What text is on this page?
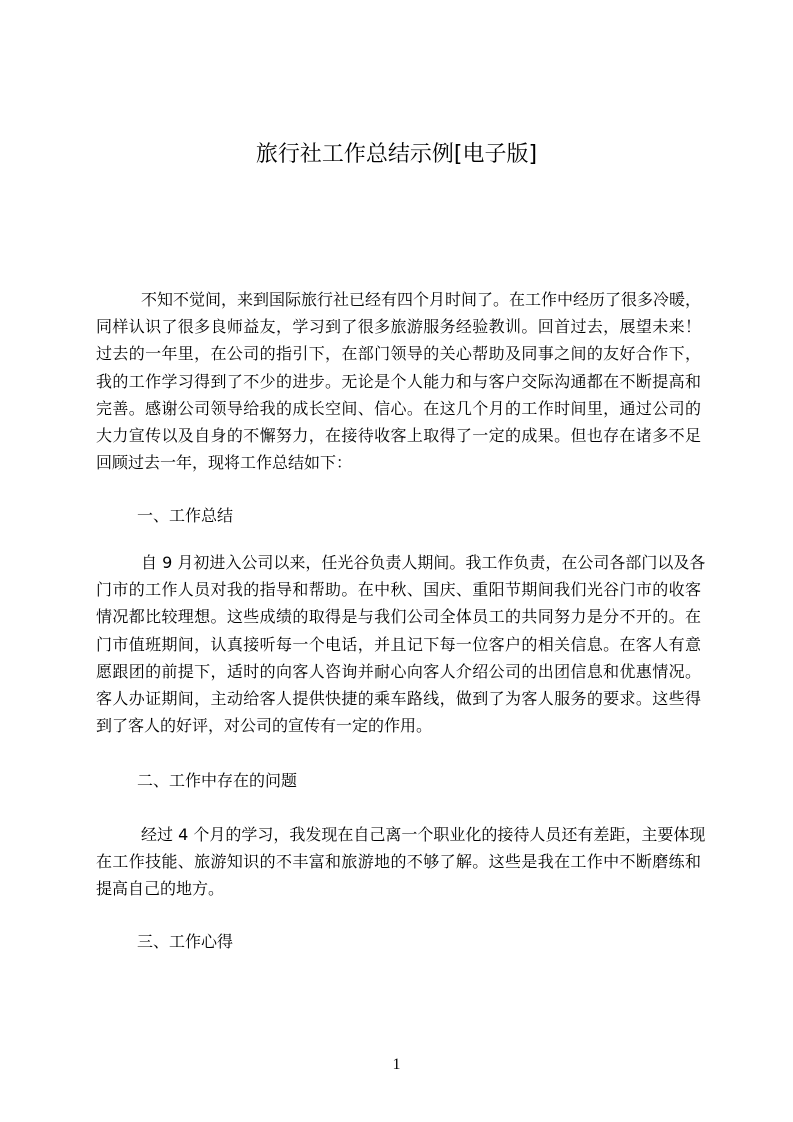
旅行社工作总结示例[电子版]
不知不觉间，来到国际旅行社已经有四个月时间了。在工作中经历了很多冷暖，
同样认识了很多良师益友，学习到了很多旅游服务经验教训。回首过去，展望未来！
过去的一年里，在公司的指引下，在部门领导的关心帮助及同事之间的友好合作下，
我的工作学习得到了不少的进步。无论是个人能力和与客户交际沟通都在不断提高和
完善。感谢公司领导给我的成长空间、信心。在这几个月的工作时间里，通过公司的
大力宣传以及自身的不懈努力，在接待收客上取得了一定的成果。但也存在诸多不足
回顾过去一年，现将工作总结如下：
一、工作总结
自 9 月初进入公司以来，任光谷负责人期间。我工作负责，在公司各部门以及各
门市的工作人员对我的指导和帮助。在中秋、国庆、重阳节期间我们光谷门市的收客
情况都比较理想。这些成绩的取得是与我们公司全体员工的共同努力是分不开的。在
门市值班期间，认真接听每一个电话，并且记下每一位客户的相关信息。在客人有意
愿跟团的前提下，适时的向客人咨询并耐心向客人介绍公司的出团信息和优惠情况。
客人办证期间，主动给客人提供快捷的乘车路线，做到了为客人服务的要求。这些得
到了客人的好评，对公司的宣传有一定的作用。
二、工作中存在的问题
经过 4 个月的学习，我发现在自己离一个职业化的接待人员还有差距，主要体现
在工作技能、旅游知识的不丰富和旅游地的不够了解。这些是我在工作中不断磨练和
提高自己的地方。
三、工作心得
1
